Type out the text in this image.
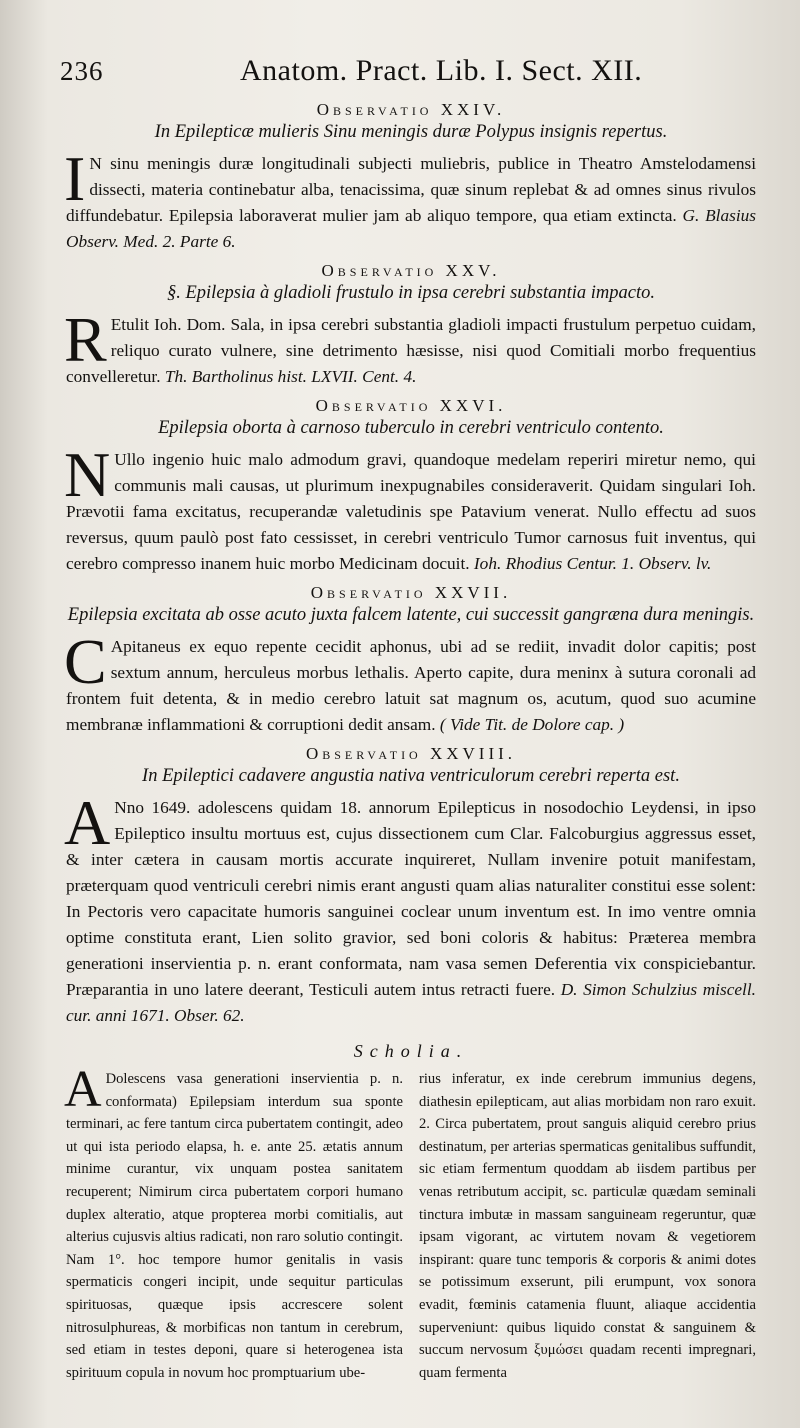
236	Anatom. Pract. Lib. I. Sect. XII.
Observatio XXIV.
In Epilepticæ mulieris Sinu meningis duræ Polypus insignis repertus.

I N sinu meningis duræ longitudinali subjecti muliebris, publice in Theatro Amstelodamensi dissecti, materia continebatur alba, tenacissima, quæ sinum replebat & ad omnes sinus rivulos diffundebatur. Epilepsia laboraverat mulier jam ab aliquo tempore, qua etiam extincta. G. Blasius Observ. Med. 2. Parte 6.

Observatio XXV.
§. Epilepsia à gladioli frustulo in ipsa cerebri substantia impacto.

R Etulit Ioh. Dom. Sala, in ipsa cerebri substantia gladioli impacti frustulum perpetuo cuidam, reliquo curato vulnere, sine detrimento hæsisse, nisi quod Comitiali morbo frequentius convelleretur. Th. Bartholinus hist. LXVII. Cent. 4.

Observatio XXVI.
Epilepsia oborta à carnoso tuberculo in cerebri ventriculo contento.

N Ullo ingenio huic malo admodum gravi, quandoque medelam reperiri miretur nemo, qui communis mali causas, ut plurimum inexpugnabiles consideraverit. Quidam singulari Ioh. Prævotii fama excitatus, recuperandæ valetudinis spe Patavium venerat. Nullo effectu ad suos reversus, quum paulò post fato cessisset, in cerebri ventriculo Tumor carnosus fuit inventus, qui cerebro compresso inanem huic morbo Medicinam docuit. Ioh. Rhodius Centur. 1. Observ. lv.

Observatio XXVII.
Epilepsia excitata ab osse acuto juxta falcem latente, cui successit gangræna dura meningis.

C Apitaneus ex equo repente cecidit aphonus, ubi ad se rediit, invadit dolor capitis; post sextum annum, herculeus morbus lethalis. Aperto capite, dura meninx à sutura coronali ad frontem fuit detenta, & in medio cerebro latuit sat magnum os, acutum, quod suo acumine membranæ inflammationi & corruptioni dedit ansam. ( Vide Tit. de Dolore cap. )

Observatio XXVIII.
In Epileptici cadavere angustia nativa ventriculorum cerebri reperta est.

A Nno 1649. adolescens quidam 18. annorum Epilepticus in nosodochio Leydensi, in ipso Epileptico insultu mortuus est, cujus dissectionem cum Clar. Falcoburgius aggressus esset, & inter cætera in causam mortis accurate inquireret, Nullam invenire potuit manifestam, præterquam quod ventriculi cerebri nimis erant angusti quam alias naturaliter constitui esse solent: In Pectoris vero capacitate humoris sanguinei coclear unum inventum est. In imo ventre omnia optime constituta erant, Lien solito gravior, sed boni coloris & habitus: Præterea membra generationi inservientia p. n. erant conformata, nam vasa semen Deferentia vix conspiciebantur. Præparantia in uno latere deerant, Testiculi autem intus retracti fuere. D. Simon Schulzius miscell. cur. anni 1671. Obser. 62.

Scholia.
A Dolescens vasa generationi inservientia p. n. conformata) Epilepsiam interdum sua sponte terminari, ac fere tantum circa pubertatem contingit, adeo ut qui ista periodo elapsa, h. e. ante 25. ætatis annum minime curantur, vix unquam postea sanitatem recuperent; Nimirum circa pubertatem corpori humano duplex alteratio, atque propterea morbi comitialis, aut alterius cujusvis altius radicati, non raro solutio contingit. Nam 1°. hoc tempore humor genitalis in vasis spermaticis congeri incipit, unde sequitur particulas spirituosas, quæque ipsis accrescere solent nitrosulphureas, & morbificas non tantum in cerebrum, sed etiam in testes deponi, quare si heterogenea ista spirituum copula in novum hoc promptuarium ube-
rius inferatur, ex inde cerebrum immunius degens, diathesin epilepticam, aut alias morbidam non raro exuit. 2. Circa pubertatem, prout sanguis aliquid cerebro prius destinatum, per arterias spermaticas genitalibus suffundit, sic etiam fermentum quoddam ab iisdem partibus per venas retributum accipit, sc. particulæ quædam seminali tinctura imbutæ in massam sanguineam regeruntur, quæ ipsam vigorant, ac virtutem novam & vegetiorem inspirant: quare tunc temporis & corporis & animi dotes se potissimum exserunt, pili erumpunt, vox sonora evadit, fœminis catamenia fluunt, aliaque accidentia superveniunt: quibus liquido constat & sanguinem & succum nervosum ξυμώσει quadam recenti impregnari, quam fermenta
